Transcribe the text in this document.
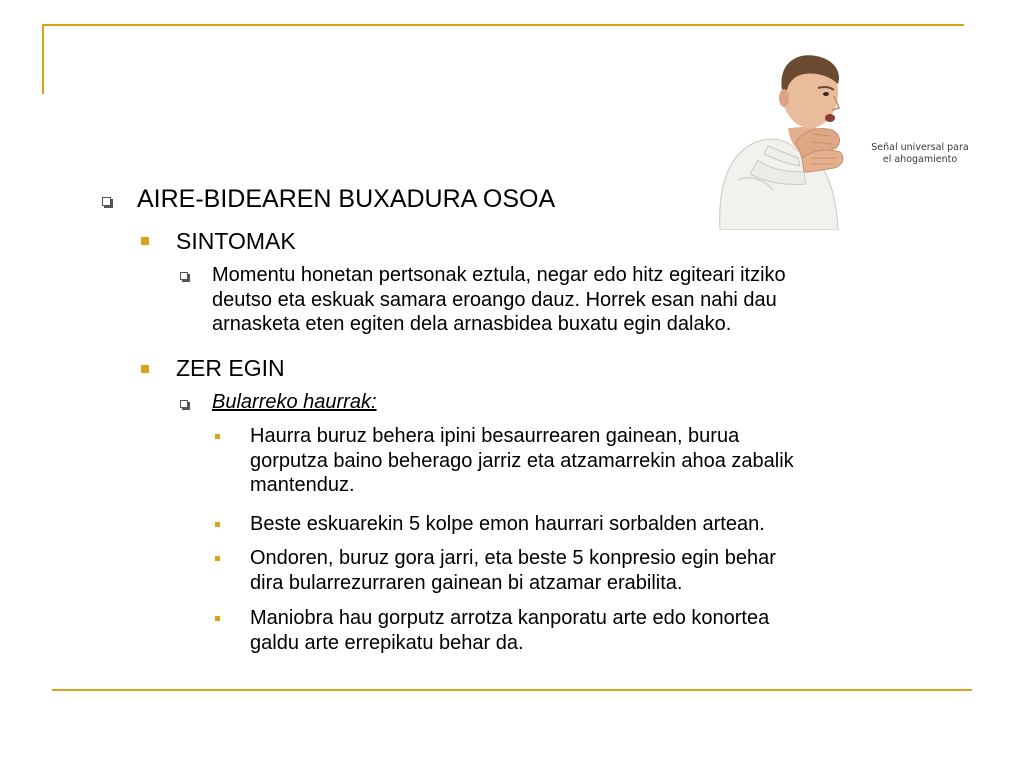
Señal universal para
el ahogamiento
AIRE-BIDEAREN BUXADURA OSOA
SINTOMAK
Momentu honetan pertsonak eztula, negar edo hitz egiteari itziko
deutso eta eskuak samara eroango dauz. Horrek esan nahi dau
arnasketa eten egiten dela arnasbidea buxatu egin dalako.
ZER EGIN
Bularreko haurrak:
Haurra buruz behera ipini besaurrearen gainean, burua
gorputza baino beherago jarriz eta atzamarrekin ahoa zabalik
mantenduz.
Beste eskuarekin 5 kolpe emon haurrari sorbalden artean.
Ondoren, buruz gora jarri, eta beste 5 konpresio egin behar
dira bularrezurraren gainean bi atzamar erabilita.
Maniobra hau gorputz arrotza kanporatu arte edo konortea
galdu arte errepikatu behar da.
